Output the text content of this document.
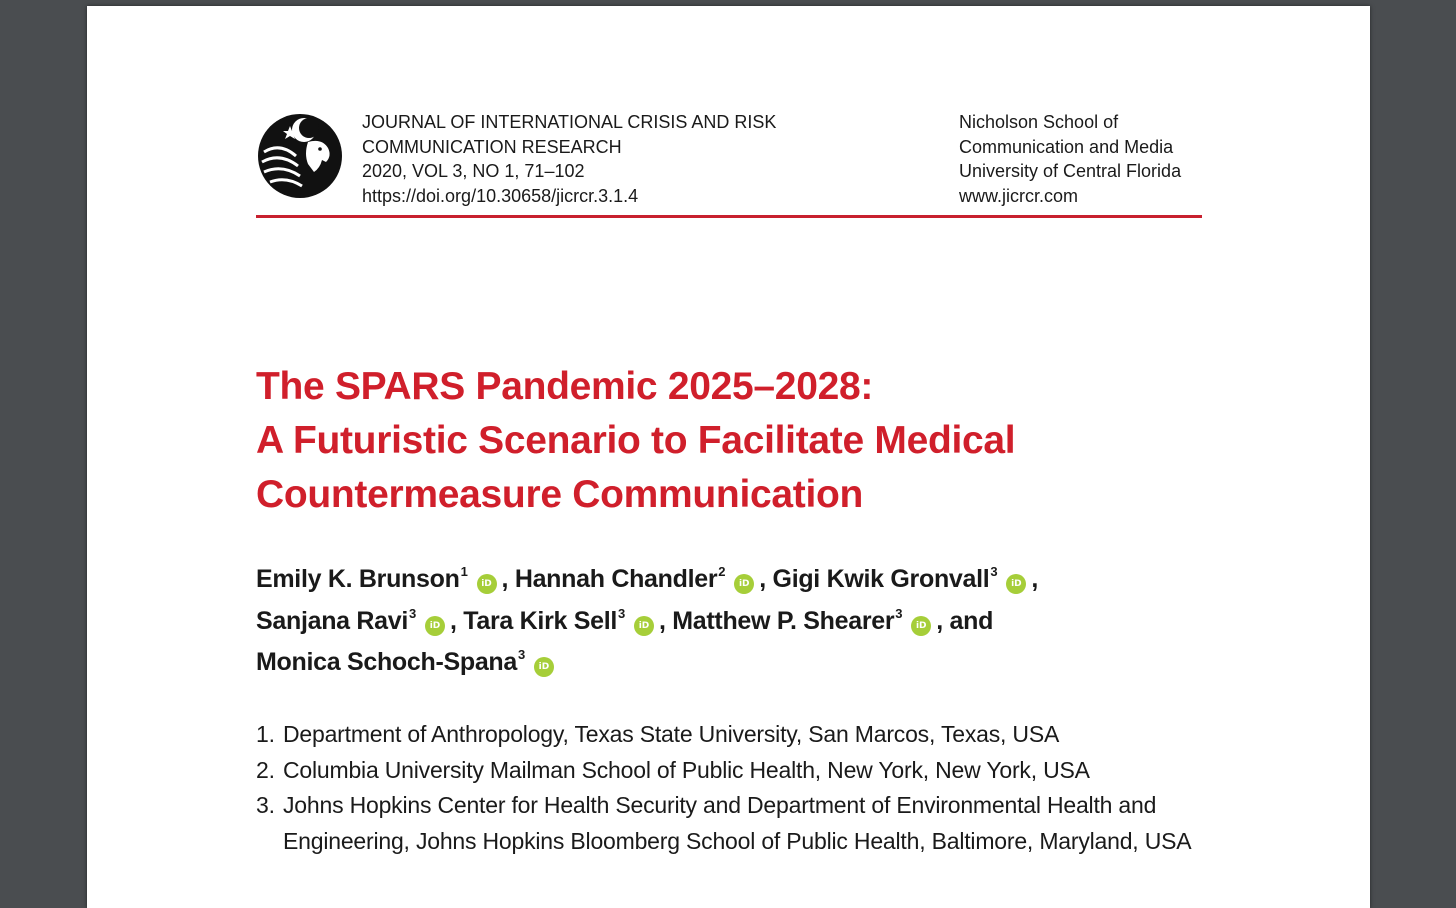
JOURNAL OF INTERNATIONAL CRISIS AND RISK
COMMUNICATION RESEARCH
2020, VOL 3, NO 1, 71–102
https://doi.org/10.30658/jicrcr.3.1.4
Nicholson School of
Communication and Media
University of Central Florida
www.jicrcr.com
The SPARS Pandemic 2025–2028:
A Futuristic Scenario to Facilitate Medical
Countermeasure Communication
Emily K. Brunson$^1$iD , Hannah Chandler$^2$iD , Gigi Kwik Gronvall$^3$iD ,
Sanjana Ravi$^3$iD , Tara Kirk Sell$^3$iD , Matthew P. Shearer$^3$iD , and
Monica Schoch-Spana$^3$iD
1. Department of Anthropology, Texas State University, San Marcos, Texas, USA
2. Columbia University Mailman School of Public Health, New York, New York, USA
3. Johns Hopkins Center for Health Security and Department of Environmental Health and Engineering, Johns Hopkins Bloomberg School of Public Health, Baltimore, Maryland, USA
